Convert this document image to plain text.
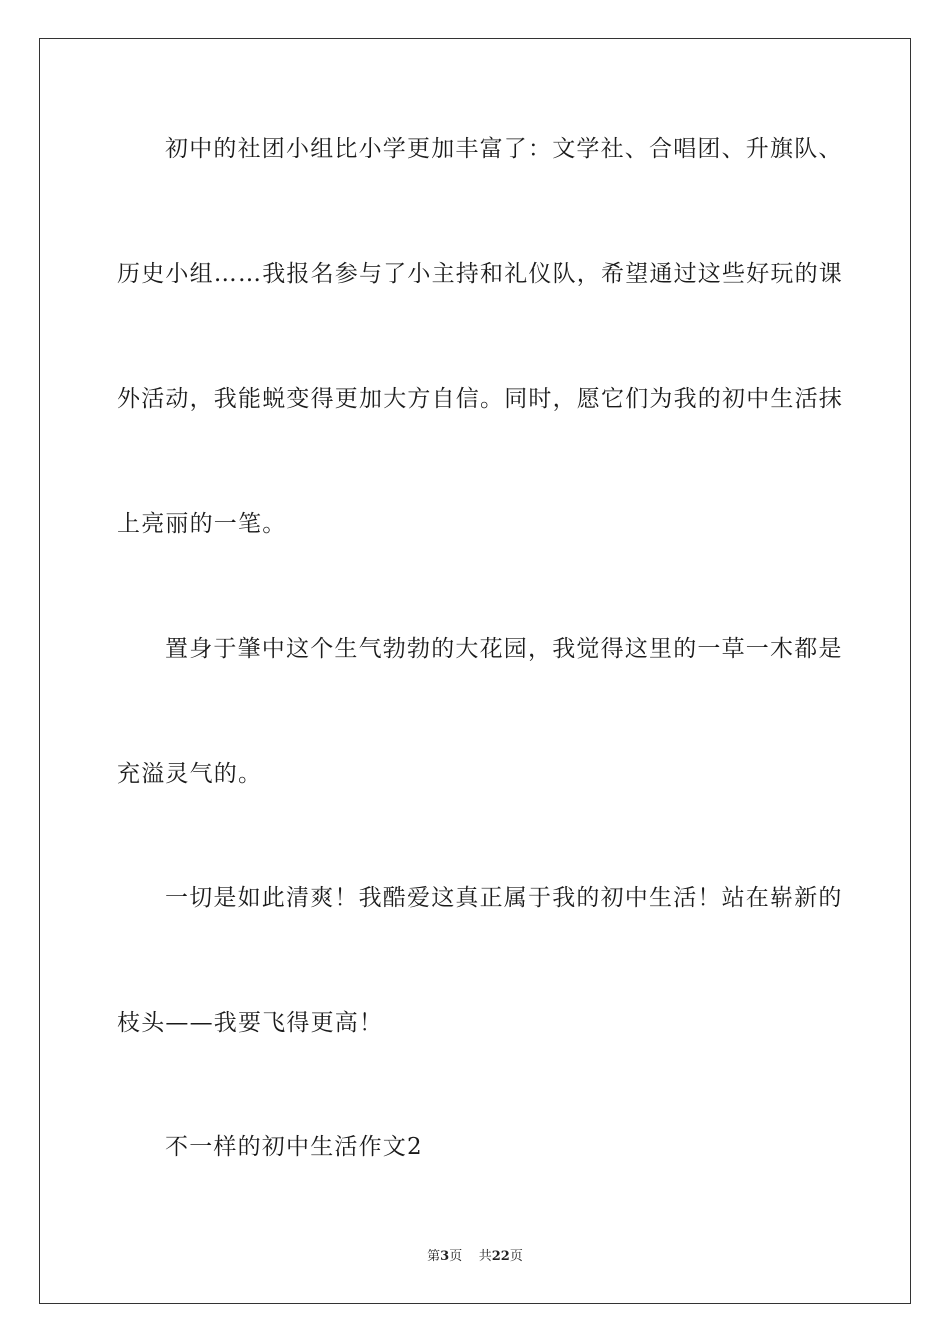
初中的社团小组比小学更加丰富了：文学社、合唱团、升旗队、
历史小组……我报名参与了小主持和礼仪队，希望通过这些好玩的课
外活动，我能蜕变得更加大方自信。同时，愿它们为我的初中生活抹
上亮丽的一笔。
置身于肇中这个生气勃勃的大花园，我觉得这里的一草一木都是
充溢灵气的。
一切是如此清爽！我酷爱这真正属于我的初中生活！站在崭新的
枝头——我要飞得更高！
不一样的初中生活作文2
第3页 共22页
